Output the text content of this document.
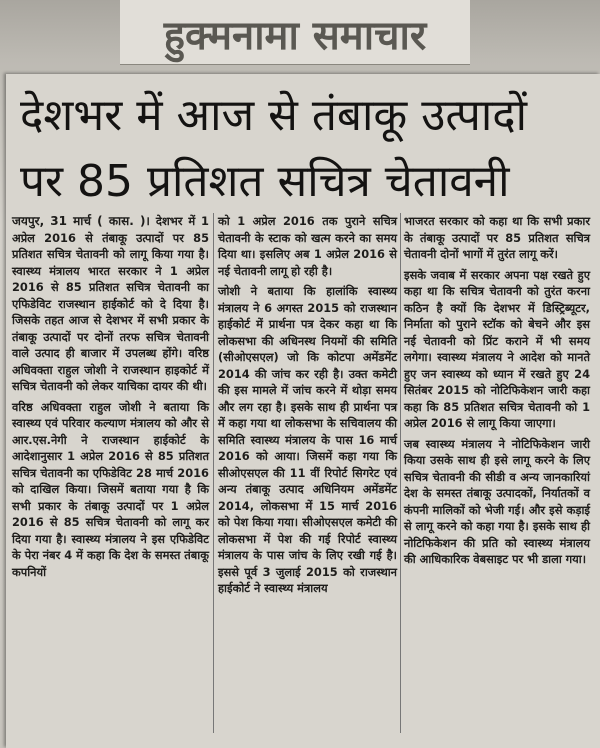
हुक्मनामा समाचार
देशभर में आज से तंबाकू उत्पादों
पर 85 प्रतिशत सचित्र चेतावनी

जयपुर, 31 मार्च ( कास. )। देशभर में 1 अप्रेल 2016 से तंबाकू उत्पादों पर 85 प्रतिशत सचित्र चेतावनी को लागू किया गया है। स्वास्थ्य मंत्रालय भारत सरकार ने 1 अप्रेल 2016 से 85 प्रतिशत सचित्र चेतावनी का एफिडेविट राजस्थान हाईकोर्ट को दे दिया है। जिसके तहत आज से देशभर में सभी प्रकार के तंबाकू उत्पादों पर दोनों तरफ सचित्र चेतावनी वाले उत्पाद ही बाजार में उपलब्ध होंगे। वरिष्ठ अधिवक्ता राहुल जोशी ने राजस्थान हाइकोर्ट में सचित्र चेतावनी को लेकर याचिका दायर की थी।

वरिष्ठ अधिवक्ता राहुल जोशी ने बताया कि स्वास्थ्य एवं परिवार कल्याण मंत्रालय को और से आर.एस.नेगी ने राजस्थान हाईकोर्ट के आदेशानुसार 1 अप्रेल 2016 से 85 प्रतिशत सचित्र चेतावनी का एफिडेविट 28 मार्च 2016 को दाखिल किया। जिसमें बताया गया है कि सभी प्रकार के तंबाकू उत्पादों पर 1 अप्रेल 2016 से 85 सचित्र चेतावनी को लागू कर दिया गया है। स्वास्थ्य मंत्रालय ने इस एफिडेविट के पेरा नंबर 4 में कहा कि देश के समस्त तंबाकू कपनियों

को 1 अप्रेल 2016 तक पुराने सचित्र चेतावनी के स्टाक को खत्म करने का समय दिया था। इसलिए अब 1 अप्रेल 2016 से नई चेतावनी लागू हो रही है।

जोशी ने बताया कि हालांकि स्वास्थ्य मंत्रालय ने 6 अगस्त 2015 को राजस्थान हाईकोर्ट में प्रार्थना पत्र देकर कहा था कि लोकसभा की अधिनस्थ नियमों की समिति (सीओएसएल) जो कि कोटपा अमेंडमेंट 2014 की जांच कर रही है। उक्त कमेटी की इस मामले में जांच करने में थोड़ा समय और लग रहा है। इसके साथ ही प्रार्थना पत्र में कहा गया था लोकसभा के सचिवालय की समिति स्वास्थ्य मंत्रालय के पास 16 मार्च 2016 को आया। जिसमें कहा गया कि सीओएसएल की 11 वीं रिपोर्ट सिगरेट एवं अन्य तंबाकू उत्पाद अधिनियम अमेंडमेंट 2014, लोकसभा में 15 मार्च 2016 को पेश किया गया। सीओएसएल कमेटी की लोकसभा में पेश की गई रिपोर्ट स्वास्थ्य मंत्रालय के पास जांच के लिए रखी गई है। इससे पूर्व 3 जुलाई 2015 को राजस्थान हाईकोर्ट ने स्वास्थ्य मंत्रालय

भाजरत सरकार को कहा था कि सभी प्रकार के तंबाकू उत्पादों पर 85 प्रतिशत सचित्र चेतावनी दोनों भागों में तुरंत लागू करें।

इसके जवाब में सरकार अपना पक्ष रखते हुए कहा था कि सचित्र चेतावनी को तुरंत करना कठिन है क्यों कि देशभर में डिस्ट्रिब्यूटर, निर्माता को पुराने स्टॉक को बेचने और इस नई चेतावनी को प्रिंट कराने में भी समय लगेगा। स्वास्थ्य मंत्रालय ने आदेश को मानते हुए जन स्वास्थ्य को ध्यान में रखते हुए 24 सितंबर 2015 को नोटिफिकेशन जारी कहा कहा कि 85 प्रतिशत सचित्र चेतावनी को 1 अप्रेल 2016 से लागू किया जाएगा।

जब स्वास्थ्य मंत्रालय ने नोटिफिकेशन जारी किया उसके साथ ही इसे लागू करने के लिए सचित्र चेतावनी की सीडी व अन्य जानकारियां देश के समस्त तंबाकू उत्पादकों, निर्यातकों व कंपनी मालिकों को भेजी गई। और इसे कड़ाई से लागू करने को कहा गया है। इसके साथ ही नोटिफिकेशन की प्रति को स्वास्थ्य मंत्रालय की आधिकारिक वेबसाइट पर भी डाला गया।
